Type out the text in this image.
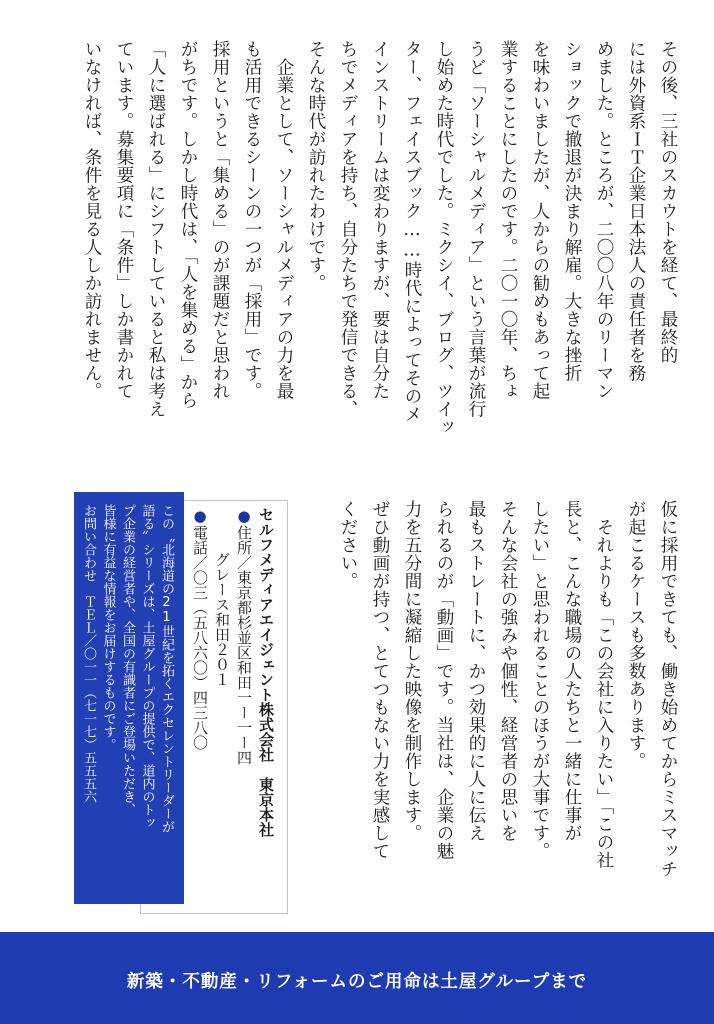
その後、三社のスカウトを経て、最終的
には外資系ＩＴ企業日本法人の責任者を務
めました。ところが、二〇〇八年のリーマン
ショックで撤退が決まり解雇。大きな挫折
を味わいましたが、人からの勧めもあって起
業することにしたのです。二〇一〇年、ちょ
うど「ソーシャルメディア」という言葉が流行
し始めた時代でした。ミクシイ、ブログ、ツイッ
ター、フェイスブック……時代によってそのメ
インストリームは変わりますが、要は自分た
ちでメディアを持ち、自分たちで発信できる、
そんな時代が訪れたわけです。
　企業として、ソーシャルメディアの力を最
も活用できるシーンの一つが「採用」です。
採用というと「集める」のが課題だと思われ
がちです。しかし時代は、「人を集める」から
「人に選ばれる」にシフトしていると私は考え
ています。募集要項に「条件」しか書かれて
いなければ、条件を見る人しか訪れません。
仮に採用できても、働き始めてからミスマッチ
が起こるケースも多数あります。
　それよりも「この会社に入りたい」「この社
長と、こんな職場の人たちと一緒に仕事が
したい」と思われることのほうが大事です。
そんな会社の強みや個性、経営者の思いを
最もストレートに、かつ効果的に人に伝え
られるのが「動画」です。当社は、企業の魅
力を五分間に凝縮した映像を制作します。
ぜひ動画が持つ、とてつもない力を実感して
ください。
セルフメディアエイジェント株式会社　東京本社
●住所／東京都杉並区和田一ー一ー四
　　　グレース和田２０１
●電話／〇三（五八六〇）四三八〇
この〝北海道の21世紀を拓くエクセレントリーダーが
語る〟シリーズは、土屋グループの提供で、道内のトッ
プ企業の経営者や、全国の有識者にご登場いただき、
皆様に有益な情報をお届けするものです。
お問い合わせ　ＴＥＬ／〇一一（七一七）五五五六
新築・不動産・リフォームのご用命は土屋グループまで
